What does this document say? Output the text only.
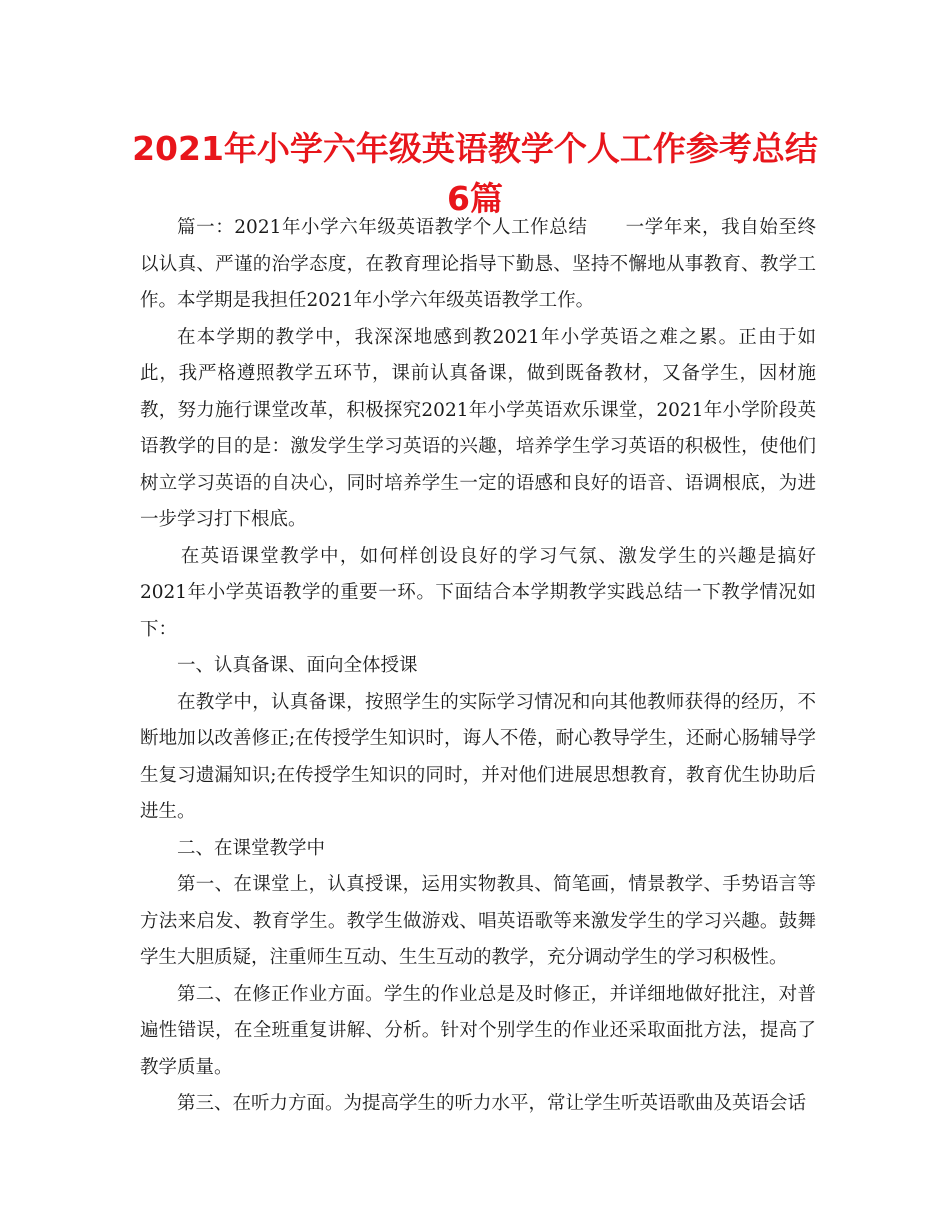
2021年小学六年级英语教学个人工作参考总结6篇

篇一：2021年小学六年级英语教学个人工作总结　　一学年来，我自始至终以认真、严谨的治学态度，在教育理论指导下勤恳、坚持不懈地从事教育、教学工作。本学期是我担任2021年小学六年级英语教学工作。

在本学期的教学中，我深深地感到教2021年小学英语之难之累。正由于如此，我严格遵照教学五环节，课前认真备课，做到既备教材，又备学生，因材施教，努力施行课堂改革，积极探究2021年小学英语欢乐课堂，2021年小学阶段英语教学的目的是：激发学生学习英语的兴趣，培养学生学习英语的积极性，使他们树立学习英语的自决心，同时培养学生一定的语感和良好的语音、语调根底，为进一步学习打下根底。

在英语课堂教学中，如何样创设良好的学习气氛、激发学生的兴趣是搞好2021年小学英语教学的重要一环。下面结合本学期教学实践总结一下教学情况如下：

一、认真备课、面向全体授课

在教学中，认真备课，按照学生的实际学习情况和向其他教师获得的经历，不断地加以改善修正;在传授学生知识时，诲人不倦，耐心教导学生，还耐心肠辅导学生复习遗漏知识;在传授学生知识的同时，并对他们进展思想教育，教育优生协助后进生。

二、在课堂教学中

第一、在课堂上，认真授课，运用实物教具、简笔画，情景教学、手势语言等方法来启发、教育学生。教学生做游戏、唱英语歌等来激发学生的学习兴趣。鼓舞学生大胆质疑，注重师生互动、生生互动的教学，充分调动学生的学习积极性。

第二、在修正作业方面。学生的作业总是及时修正，并详细地做好批注，对普遍性错误，在全班重复讲解、分析。针对个别学生的作业还采取面批方法，提高了教学质量。

第三、在听力方面。为提高学生的听力水平，常让学生听英语歌曲及英语会话
